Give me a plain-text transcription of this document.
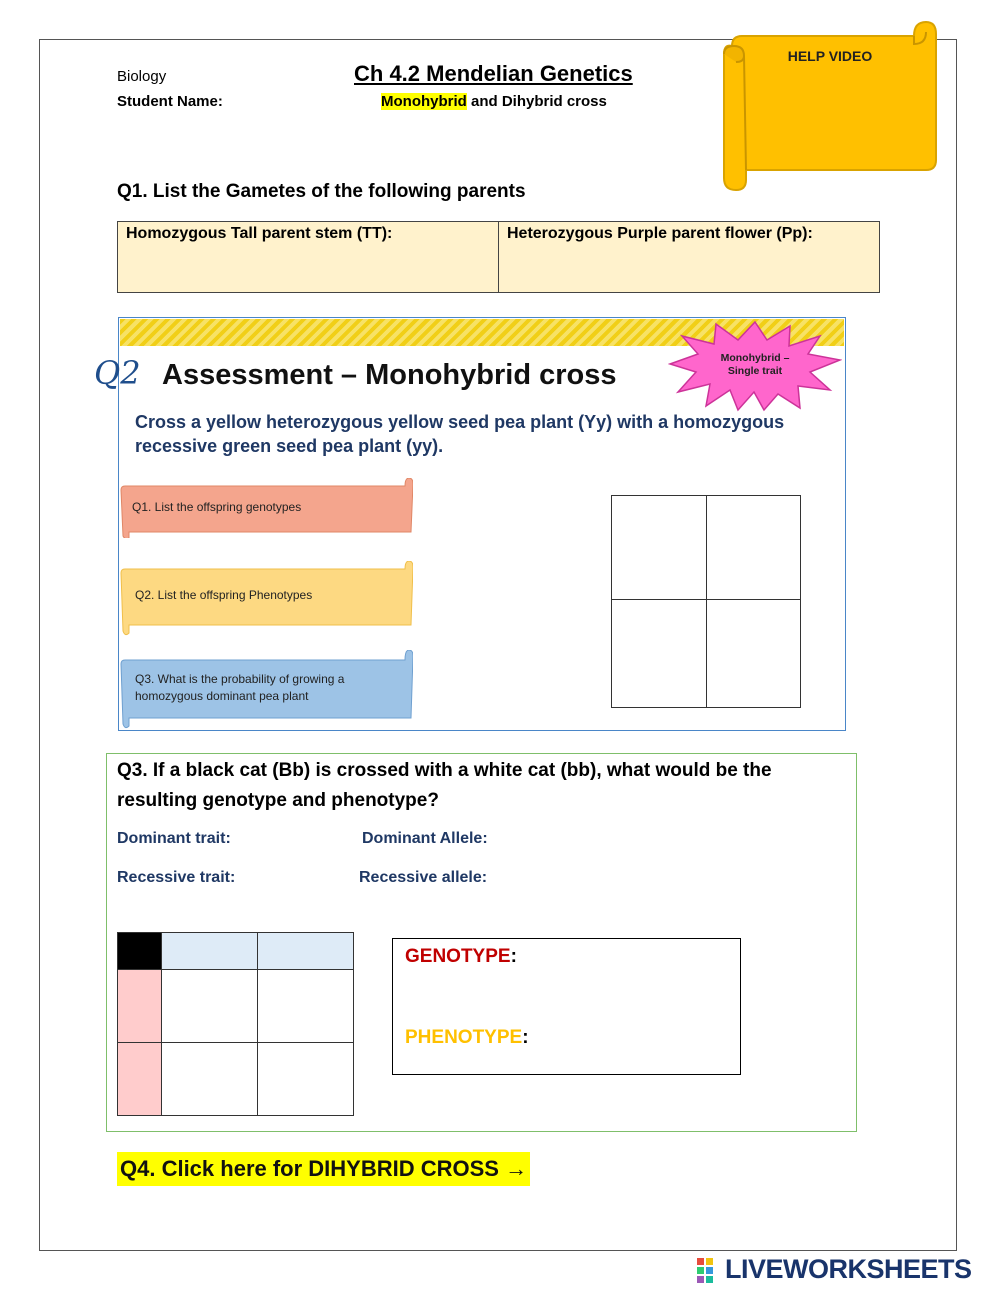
Biology
Student Name:
Ch 4.2 Mendelian Genetics
Monohybrid and Dihybrid cross
HELP VIDEO
Q1. List the Gametes of the following parents
Homozygous Tall parent stem (TT):	Heterozygous Purple parent flower (Pp):
Q2 Assessment – Monohybrid cross
Monohybrid –
Single trait
Cross a yellow heterozygous yellow seed pea plant (Yy) with a homozygous recessive green seed pea plant (yy).
Q1. List the offspring genotypes
Q2. List the offspring Phenotypes
Q3. What is the probability of growing a homozygous dominant pea plant
Q3. If a black cat (Bb) is crossed with a white cat (bb), what would be the resulting genotype and phenotype?
Dominant trait:	Dominant Allele:
Recessive trait:	Recessive allele:

GENOTYPE:
PHENOTYPE:
Q4. Click here for DIHYBRID CROSS →
LIVEWORKSHEETS
